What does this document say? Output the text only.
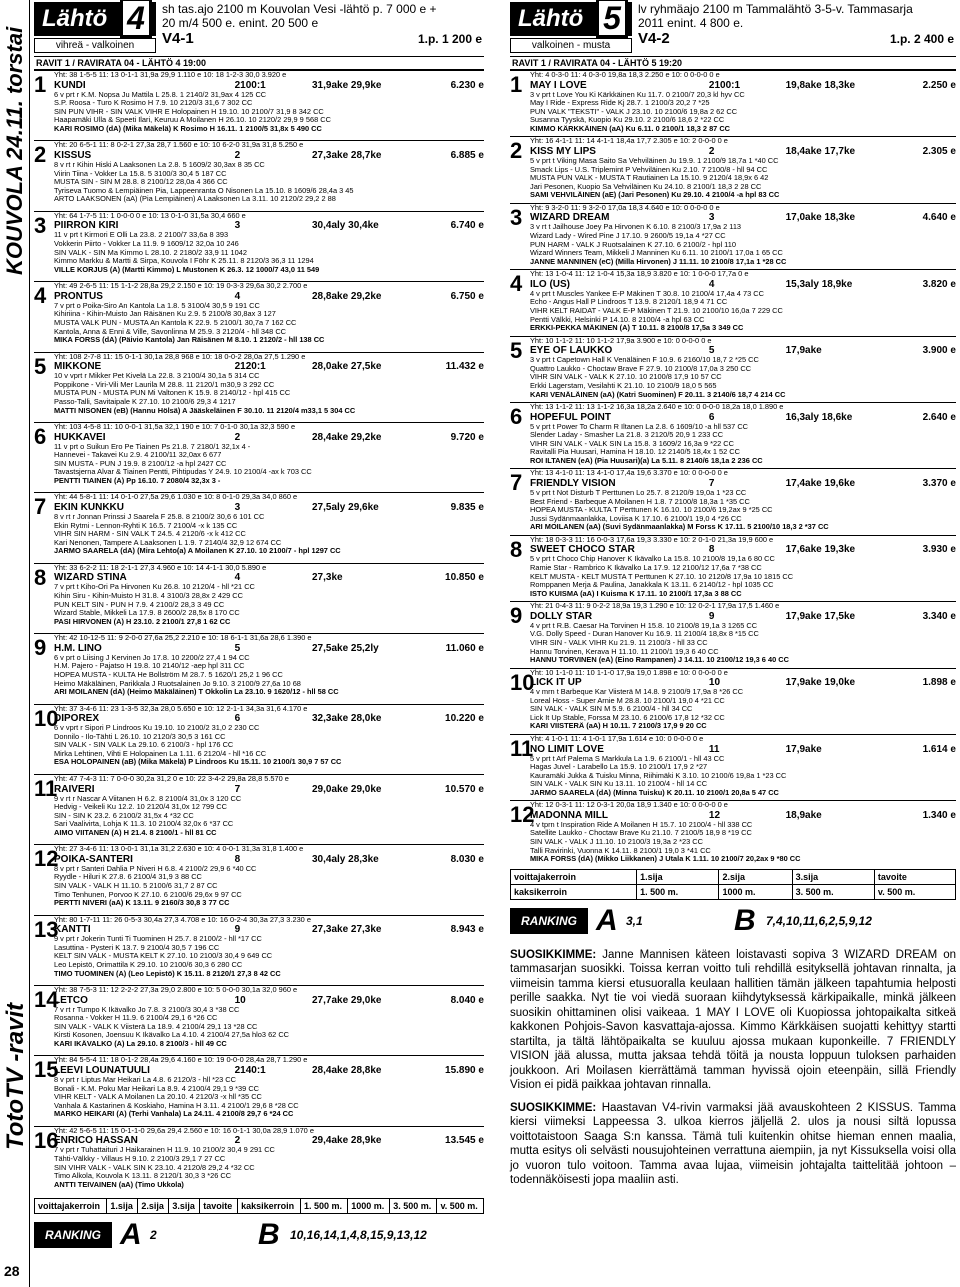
KOUVOLA 24.11. torstai
TotoTV -ravit
28
Lähtö 4
vihreä - valkoinen
sh tas.ajo 2100 m Kouvolan Vesi -lähtö p. 7 000 e +
20 m/4 500 e. enint. 20 500 e
V4-1	1.p. 1 200 e
RAVIT 1 / RAVIRATA 04 - LÄHTÖ 4 19:00
1	Yht: 38 1-5-5 11: 13 0-1-1 31,9a 29,9 1.110 e 10: 18 1-2-3 30,0 3.920 e
KUNDI	2100:1	31,9ake 29,9ke	6.230 e
6 v prt r K.M. Nopsa Ju Mattila L 25.8. 1 2140/2 31,9ax 4 125 CC
S.P. Roosa - Turo K Rosimo H 7.9. 10 2120/3 31,6 7 302 CC
SIN PUN VIHR - SIN VALK VIHR E Holopainen H 19.10. 10 2100/7 31,9 8 342 CC
Haapamäki Ulla & Speeti Ilari, Keuruu A Moilanen H 26.10. 10 2120/2 29,9 9 568 CC
KARI ROSIMO (dA) (Mika Mäkelä) K Rosimo H 16.11. 1 2100/5 31,8x 5 490 CC
2	Yht: 20 6-5-1 11: 8 0-2-1 27,3a 28,7 1.560 e 10: 10 6-2-0 31,9a 31,8 5.250 e
KISSUS	2	27,3ake 28,7ke	6.885 e
8 v rt r Kihin Hiski A Laaksonen La 2.8. 5 1609/2 30,3ax 8 35 CC
Viirin Tiina - Vokker La 15.8. 5 3100/3 30,4 5 187 CC
MUSTA SIN - SIN M 28.8. 8 2100/12 28,0a 4 366 CC
Tyriseva Tuomo & Lempiäinen Pia, Lappeenranta O Nisonen La 15.10. 8 1609/6 28,4a 3 45
ARTO LAAKSONEN (aA) (Pia Lempiäinen) A Laaksonen La 3.11. 10 2120/2 29,2 2 88
3	Yht: 64 1-7-5 11: 1 0-0-0 0 e 10: 13 0-1-0 31,5a 30,4 660 e
PIIRRON KIRI	3	30,4aly 30,4ke	6.740 e
11 v prt t Kirmori E Olli La 23.8. 2 2100/7 33,6a 8 393
Vokkerin Piirto - Vokker La 11.9. 9 1609/12 32,0a 10 246
SIN VALK - SIN Ma Kimmo L 28.10. 2 2180/2 33,9 11 1042
Kimmo Markku & Martti & Sirpa, Kouvola I Föhr K 25.11. 8 2120/3 36,3 11 1294
VILLE KORJUS (A) (Martti Kimmo) L Mustonen K 26.3. 12 1000/7 43,0 11 549
4	Yht: 49 2-6-5 11: 15 1-1-2 28,8a 29,2 2.150 e 10: 19 0-3-3 29,6a 30,2 2.700 e
PRONTUS	4	28,8ake 29,2ke	6.750 e
7 v prt o Poika-Siro An Kantola La 1.8. 5 3100/4 30,5 9 191 CC
Kihiriina - Kihin-Muisto Jan Räisänen Ku 2.9. 5 2100/8 30,8ax 3 127
MUSTA VALK PUN - MUSTA An Kantola K 22.9. 5 2100/1 30,7a 7 162 CC
Kantola, Anna & Enni & Ville, Savonlinna M 25.9. 3 2120/4 - hll 348 CC
MIKA FORSS (dA) (Päivio Kantola) Jan Räisänen M 8.10. 1 2120/2 - hll 138 CC
5	Yht: 108 2-7-8 11: 15 0-1-1 30,1a 28,8 968 e 10: 18 0-0-2 28,0a 27,5 1.290 e
MIKKONE	2120:1	28,0ake 27,5ke	11.432 e
10 v vprt r Mikker Pet Kivelä La 22.8. 3 2100/4 30,1a 5 314 CC
Poppikone - Viri-Vili Mer Laurila M 28.8. 11 2120/1 m30,9 3 292 CC
MUSTA PUN - MUSTA PUN Mi Valtonen K 15.9. 8 2140/12 - hpl 415 CC
Passo-Talli, Savitaipale K 27.10. 10 2100/6 29,3 4 1217
MATTI NISONEN (eB) (Hannu Hölsä) A Jääskeläinen F 30.10. 11 2120/4 m33,1 5 304 CC
6	Yht: 103 4-5-8 11: 10 0-0-1 31,5a 32,1 190 e 10: 7 0-1-0 30,1a 32,3 590 e
HUKKAVEI	2	28,4ake 29,2ke	9.720 e
11 v prt o Suikun Ero Pe Tiainen Ps 21.8. 7 2180/1 32,1x 4 -
Hannevei - Takavei Ku 2.9. 4 2100/11 32,0ax 6 677
SIN MUSTA - PUN J 19.9. 8 2100/12 -a hpl 2427 CC
Tavastsjerna Alvar & Tiainen Pentti, Pihtipudas Y 24.9. 10 2100/4 -ax k 703 CC
PENTTI TIAINEN (A) Pp 16.10. 7 2080/4 32,3x 3 -
7	Yht: 44 5-8-1 11: 14 0-1-0 27,5a 29,6 1.030 e 10: 8 0-1-0 29,3a 34,0 860 e
EKIN KUNKKU	3	27,5aly 29,6ke	9.835 e
8 v rt r Jonnan Prinssi J Saarela F 25.8. 8 2100/2 30,6 6 101 CC
Ekin Rytmi - Lennon-Ryhti K 16.5. 7 2100/4 -x k 135 CC
VIHR SIN HARM - SIN VALK T 24.5. 4 2120/6 -x k 412 CC
Kari Nenonen, Tampere A Laaksonen L 1.9. 7 2140/4 32,9 12 674 CC
JARMO SAARELA (dA) (Mira Lehto(a) A Moilanen K 27.10. 10 2100/7 - hpl 1297 CC
8	Yht: 33 6-2-2 11: 18 2-1-1 27,3 4.960 e 10: 14 4-1-1 30,0 5.890 e
WIZARD STINA	4	27,3ke	10.850 e
7 v prt t Kiho-Ori Pa Hirvonen Ku 26.8. 10 2120/4 - hll *21 CC
Kihin Siru - Kihin-Muisto H 31.8. 4 3100/3 28,8x 2 429 CC
PUN KELT SIN - PUN H 7.9. 4 2100/2 28,3 3 49 CC
Wizard Stable, Mikkeli La 17.9. 8 2600/2 28,5x 8 170 CC
PASI HIRVONEN (A) H 23.10. 2 2100/1 27,8 1 62 CC
9	Yht: 42 10-12-5 11: 9 2-0-0 27,6a 25,2 2.210 e 10: 18 6-1-1 31,6a 28,6 1.390 e
H.M. LINO	5	27,5ake 25,2ly	11.060 e
6 v prt o Liising J Kervinen Jo 17.8. 10 2200/2 27,4 1 94 CC
H.M. Pajero - Pajatso H 19.8. 10 2140/12 -aep hpl 311 CC
HOPEA MUSTA - KULTA He Bollström M 28.7. 5 1620/1 25,2 1 96 CC
Heimo Mäkäläinen, Parikkala J Ruotsalainen Jo 9.10. 3 2100/9 27,6a 10 68
ARI MOILANEN (dA) (Heimo Mäkäläinen) T Okkolin La 23.10. 9 1620/12 - hll 58 CC
10
Yht: 37 3-4-6 11: 23 1-3-5 32,3a 28,0 5.650 e 10: 12 2-1-1 34,3a 31,6 4.170 e
DIPOREX	6	32,3ake 28,0ke	10.220 e
6 v vprt r Sipori P Lindroos Ku 19.10. 10 2100/2 31,0 2 230 CC
Donnilo - Ilo-Tähti L 26.10. 10 2120/3 30,5 3 161 CC
SIN VALK - SIN VALK La 29.10. 6 2100/3 - hpl 176 CC
Mirka Lehtinen, Vihti E Holopainen La 1.11. 6 2120/4 - hll *16 CC
ESA HOLOPAINEN (aB) (Mika Mäkelä) P Lindroos Ku 15.11. 10 2100/1 30,9 7 57 CC
11
Yht: 47 7-4-3 11: 7 0-0-0 30,2a 31,2 0 e 10: 22 3-4-2 29,8a 28,8 5.570 e
RAIVERI	7	29,0ake 29,0ke	10.570 e
9 v rt r Nascar A Viitanen H 6.2. 8 2100/4 31,0x 3 120 CC
Hedvig - Veikeli Ku 12.2. 10 2120/4 31,0x 12 799 CC
SIN - SIN K 23.2. 6 2100/2 31,5x 4 *32 CC
Sari Vaalivirta, Lohja K 11.3. 10 2100/4 32,0x 6 *37 CC
AIMO VIITANEN (A) H 21.4. 8 2100/1 - hll 81 CC
12
Yht: 27 3-4-6 11: 13 0-0-1 31,1a 31,2 2.630 e 10: 4 0-0-1 31,3a 31,8 1.400 e
POIKA-SANTERI	8	30,4aly 28,3ke	8.030 e
8 v prt r Santeri Dahlia P Niveri H 6.8. 4 2100/2 29,9 6 *40 CC
Ryydle - Hiluri K 27.8. 6 2100/4 31,9 3 88 CC
SIN VALK - VALK H 11.10. 5 2100/6 31,7 2 87 CC
Timo Tenhunen, Porvoo K 27.10. 6 2100/6 29,6x 9 97 CC
PERTTI NIVERI (aA) K 13.11. 9 2160/3 30,8 3 77 CC
13
Yht: 80 1-7-11 11: 26 0-5-3 30,4a 27,3 4.708 e 10: 16 0-2-4 30,3a 27,3 3.230 e
KANTTI	9	27,3ake 27,3ke	8.943 e
9 v prt r Jokerin Tunti Ti Tuominen H 25.7. 8 2100/2 - hll *17 CC
Lasuttina - Pysteri K 13.7. 9 2100/4 30,5 7 196 CC
KELT SIN VALK - MUSTA KELT K 27.10. 10 2100/3 30,4 9 649 CC
Leo Lepistö, Orimattila K 29.10. 10 2100/6 30,3 6 280 CC
TIMO TUOMINEN (A) (Leo Lepistö) K 15.11. 8 2120/1 27,3 8 42 CC
14
Yht: 38 7-5-3 11: 12 2-2-2 27,3a 29,0 2.800 e 10: 5 0-0-0 30,1a 32,0 960 e
LETCO	10	27,7ake 29,0ke	8.040 e
7 v rt r Tumpo K Ikävalko Jo 7.8. 3 2100/3 30,4 3 *38 CC
Rosanna - Vokker H 11.9. 6 2100/4 29,1 6 *26 CC
SIN VALK - VALK K Viisterä La 18.9. 4 2100/4 29,1 13 *28 CC
Kirsti Kosonen, Joensuu K Ikävalko La 4.10. 4 2100/4 27,5a hlo3 62 CC
KARI IKÄVALKO (A) La 29.10. 8 2100/3 - hll 49 CC
15
Yht: 84 5-5-4 11: 18 0-1-2 28,4a 29,6 4.160 e 10: 19 0-0-0 28,4a 28,7 1.290 e
LEEVI LOUNATUULI	2140:1	28,4ake 28,8ke	15.890 e
8 v prt r Liptus Mar Heikari La 4.8. 6 2120/3 - hll *23 CC
Bonali - K.M. Poku Mar Heikari La 8.9. 4 2100/4 29,1 9 *39 CC
VIHR KELT - VALK A Moilanen La 20.10. 4 2120/3 -x hll *35 CC
Vanhala & Kastarinen & Koskiaho, Hamina H 3.11. 4 2100/1 29,6 8 *28 CC
MARKO HEIKARI (A) (Terhi Vanhala) La 24.11. 4 2100/8 29,7 6 *24 CC
16
Yht: 42 5-6-5 11: 15 0-1-1-0 29,6a 29,4 2.560 e 10: 16 0-1-1 30,0a 28,9 1.070 e
ENRICO HASSAN	2	29,4ake 28,9ke	13.545 e
7 v prt r Tuhattaituri J Haikarainen H 11.9. 10 2100/2 30,4 9 291 CC
Tähti-Välkky - Villaus H 9.10. 2 2100/3 29,1 7 27 CC
SIN VIHR VALK - VALK SIN K 23.10. 4 2120/8 29,2 4 *32 CC
Timo Alkola, Kouvola K 13.11. 8 2120/1 30,3 3 *26 CC
ANTTI TEIVAINEN (aA) (Timo Ukkola)
voittajakerroin	1.sija	2.sija	3.sija	tavoite	kaksikerroin	1. 500 m.	1000 m.	3. 500 m.	v. 500 m.
RANKING A 2	B 10,16,14,1,4,8,15,9,13,12
Lähtö 5
valkoinen - musta
lv ryhmäajo 2100 m Tammalähtö 3-5-v. Tammasarja
2011 enint. 4 800 e.
V4-2	1.p. 2 400 e
RAVIT 1 / RAVIRATA 04 - LÄHTÖ 5 19:20
1	Yht: 4 0-3-0 11: 4 0-3-0 19,8a 18,3 2.250 e 10: 0 0-0-0 0 e
MAY I LOVE	2100:1	19,8ake 18,3ke	2.250 e
3 v prt t Love You Ki Kärkkäinen Ku 11.7. 0 2100/7 20,3 kl hyv CC
May I Ride - Express Ride Kj 28.7. 1 2100/3 20,2 7 *25
PUN VALK "TEKSTI" - VALK J 23.10. 10 2100/6 19,8a 2 62 CC
Susanna Tyyskä, Kuopio Ku 29.10. 2 2100/6 18,6 2 *22 CC
KIMMO KÄRKKÄINEN (aA) Ku 6.11. 0 2100/1 18,3 2 87 CC
2	Yht: 16 4-1-1 11: 14 4-1-1 18,4a 17,7 2.305 e 10: 2 0-0-0 0 e
KISS MY LIPS	2	18,4ake 17,7ke	2.305 e
5 v prt t Viking Masa Saito Sa Vehviläinen Ju 19.9. 1 2100/9 18,7a 1 *40 CC
Smack Lips - U.S. Triplemint P Vehviläinen Ku 2.10. 7 2100/8 - hll 94 CC
MUSTA PUN VALK - MUSTA T Rautiainen La 15.10. 9 2120/4 18,9x 6 42
Jari Pesonen, Kuopio Sa Vehviläinen Ku 24.10. 8 2100/1 18,3 2 28 CC
SAMI VEHVILÄINEN (aE) (Jari Pesonen) Ku 29.10. 4 2100/4 -a hpl 83 CC
3	Yht: 9 3-2-0 11: 9 3-2-0 17,0a 18,3 4.640 e 10: 0 0-0-0 0 e
WIZARD DREAM	3	17,0ake 18,3ke	4.640 e
3 v rt t Jailhouse Joey Pa Hirvonen K 6.10. 8 2100/3 17,9a 2 113
Wizard Lady - Wired Pine J 17.10. 9 2600/5 19,1a 4 *27 CC
PUN HARM - VALK J Ruotsalainen K 27.10. 6 2100/2 - hpl 110
Wizard Winners Team, Mikkeli J Manninen Ku 6.11. 10 2100/1 17,0a 1 65 CC
JANNE MANNINEN (eC) (Milla Hirvonen) J 11.11. 10 2100/8 17,1a 1 *28 CC
4	Yht: 13 1-0-4 11: 12 1-0-4 15,3a 18,9 3.820 e 10: 1 0-0-0 17,7a 0 e
ILO (US)	4	15,3aly 18,9ke	3.820 e
4 v prt t Muscles Yankee E-P Mäkinen T 30.8. 10 2100/4 17,4a 4 73 CC
Echo - Angus Hall P Lindroos T 13.9. 8 2120/1 18,9 4 71 CC
VIHR KELT RAIDAT - VALK E-P Mäkinen T 21.9. 10 2100/10 16,0a 7 229 CC
Pentti Välkki, Helsinki P 14.10. 8 2100/4 -a hpl 63 CC
ERKKI-PEKKA MÄKINEN (A) T 10.11. 8 2100/8 17,5a 3 349 CC
5	Yht: 10 1-1-2 11: 10 1-1-2 17,9a 3.900 e 10: 0 0-0-0 0 e
EYE OF LAUKKO	5	17,9ake	3.900 e
3 v prt t Capetown Hall K Venäläinen F 10.9. 6 2160/10 18,7 2 *25 CC
Quattro Laukko - Choctaw Brave F 27.9. 10 2100/8 17,0a 3 250 CC
VIHR SIN VALK - VALK K 27.10. 10 2100/8 17,9 10 57 CC
Erkki Lagerstam, Vesilahti K 21.10. 10 2100/9 18,0 5 565
KARI VENÄLÄINEN (aA) (Katri Suominen) F 20.11. 3 2140/6 18,7 4 214 CC
6	Yht: 13 1-1-2 11: 13 1-1-2 16,3a 18,2a 2.640 e 10: 0 0-0-0 18,2a 18,0 1.890 e
HOPEFUL POINT	6	16,3aly 18,6ke	2.640 e
5 v prt t Power To Charm R Iltanen La 2.8. 6 1609/10 -a hll 537 CC
Slender Laday - Smasher La 21.8. 3 2120/5 20,9 1 233 CC
VIHR SIN VALK - VALK SIN La 15.8. 3 1609/2 16,3a 9 *22 CC
Ravitalli Pia Huusari, Hamina H 18.10. 12 2140/5 18,4x 1 52 CC
ROI ILTANEN (eA) (Pia Huusari)(a) La 5.11. 8 2140/6 18,1a 2 236 CC
7	Yht: 13 4-1-0 11: 13 4-1-0 17,4a 19,6 3.370 e 10: 0 0-0-0 0 e
FRIENDLY VISION	7	17,4ake 19,6ke	3.370 e
5 v prt t Not Disturb T Perttunen Lo 25.7. 8 2120/9 19,0a 1 *23 CC
Best Friend - Barbeque A Moilanen H 1.8. 7 2100/8 18,3a 1 *35 CC
HOPEA MUSTA - KULTA T Perttunen K 16.10. 10 2100/6 19,2ax 9 *25 CC
Jussi Sydänmaanlakka, Loviisa K 17.10. 6 2100/1 19,0 4 *26 CC
ARI MOILANEN (aA) (Suvi Sydänmaanlakka) M Forss K 17.11. 5 2100/10 18,3 2 *37 CC
8	Yht: 18 0-3-3 11: 16 0-0-3 17,6a 19,3 3.330 e 10: 2 0-1-0 21,3a 19,9 600 e
SWEET CHOCO STAR	8	17,6ake 19,3ke	3.930 e
5 v prt t Choco Chip Hanover K Ikävalko La 15.8. 10 2100/8 19,1a 6 80 CC
Ramie Star - Rambrico K Ikävalko La 17.9. 12 2100/12 17,6a 7 *38 CC
KELT MUSTA - KELT MUSTA T Perttunen K 27.10. 10 2120/8 17,9a 10 1815 CC
Romppanen Merja & Paulina, Janakkala K 13.11. 6 2140/12 - hpl 1035 CC
ISTO KUISMA (aA) I Kuisma K 17.11. 10 2100/1 17,3a 3 88 CC
9	Yht: 21 0-4-3 11: 9 0-2-2 18,9a 19,3 1.290 e 10: 12 0-2-1 17,9a 17,5 1.460 e
DOLLY STAR	9	17,9ake 17,5ke	3.340 e
4 v prt t R.B. Caesar Ha Torvinen H 15.8. 10 2100/8 19,1a 3 1265 CC
V.G. Dolly Speed - Duran Hanover Ku 16.9. 11 2100/4 18,8x 8 *15 CC
VIHR SIN - VALK VIHR Ku 21.9. 11 2100/3 - hll 33 CC
Hannu Torvinen, Kerava H 11.10. 11 2100/1 19,3 6 40 CC
HANNU TORVINEN (eA) (Eino Rampanen) J 14.11. 10 2100/12 19,3 6 40 CC
10
Yht: 10 1-1-0 11: 10 1-1-0 17,9a 19,0 1.898 e 10: 0 0-0-0 0 e
LICK IT UP	10	17,9ake 19,0ke	1.898 e
4 v mrn t Barbeque Kar Viisterä M 14.8. 9 2100/9 17,9a 8 *26 CC
Loreal Hoss - Super Arnie M 28.8. 10 2100/1 19,0 4 *21 CC
SIN VALK - VALK SIN M 5.9. 6 2100/4 - hll 34 CC
Lick It Up Stable, Forssa M 23.10. 6 2100/6 17,8 12 *32 CC
KARI VIISTERÄ (aA) H 10.11. 7 2100/3 17,9 9 20 CC
11
Yht: 4 1-0-1 11: 4 1-0-1 17,9a 1.614 e 10: 0 0-0-0 0 e
NO LIMIT LOVE	11	17,9ake	1.614 e
5 v prt t Arf Palema S Markkula La 1.9. 6 2100/1 - hll 43 CC
Hagas Juvel - Larabello La 15.9. 10 2100/1 17,9 2 *27
Kauramäki Jukka & Tuisku Minna, Riihimäki K 3.10. 10 2100/6 19,8a 1 *23 CC
SIN VALK - VALK SIN Ku 13.11. 10 2100/4 - hll 14 CC
JARMO SAARELA (dA) (Minna Tuisku) K 20.11. 10 2100/1 20,8a 5 47 CC
12
Yht: 12 0-3-1 11: 12 0-3-1 20,0a 18,9 1.340 e 10: 0 0-0-0 0 e
MADONNA MILL	12	18,9ake	1.340 e
4 v tprn t Inspiration Ride A Moilanen H 15.7. 10 2100/4 - hll 338 CC
Satellite Laukko - Choctaw Brave Ku 21.10. 7 2100/5 18,9 8 *19 CC
SIN VALK - VALK J 11.10. 10 2100/3 19,3a 2 *23 CC
Talli Ravirinki, Vuonna K 14.11. 8 2100/1 19,0 3 *41 CC
MIKA FORSS (dA) (Mikko Liikkanen) J Utala K 1.11. 10 2100/7 20,2ax 9 *80 CC
voittajakerroin	1.sija	2.sija	3.sija	tavoite
kaksikerroin	1. 500 m.	1000 m.	3. 500 m.	v. 500 m.
RANKING A 3,1	B 7,4,10,11,6,2,5,9,12

SUOSIKKIMME: Janne Mannisen käteen loistavasti sopiva 3 WIZARD DREAM on tammasarjan suosikki. Toissa kerran voitto tuli rehdillä esityksellä johtavan rinnalta, ja viimeisin tamma kiersi etusuoralla keulaan hallitien tämän jälkeen tapahtumia helposti perille saakka. Nyt tie voi viedä suoraan kiihdytyksessä kärkipaikalle, minkä jälkeen suosikin ohittaminen olisi vaikeaa. 1 MAY I LOVE oli Kuopiossa johtopaikalta sitkeä kakkonen Pohjois-Savon kasvattaja-ajossa. Kimmo Kärkkäisen suojatti kehittyy startti startilta, ja tältä lähtöpaikalta se kuuluu ajossa mukaan kuponkeille. 7 FRIENDLY VISION jää alussa, mutta jaksaa tehdä töitä ja nousta loppuun tuloksen parhaiden joukkoon. Ari Moilasen kierrättämä tamman hyvissä ojoin eteenpäin, sillä Friendly Vision ei pidä paikkaa johtavan rinnalla.

SUOSIKKIMME: Haastavan V4-rivin varmaksi jää avauskohteen 2 KISSUS. Tamma kiersi viimeksi Lappeessa 3. ulkoa kierros jäljellä 2. ulos ja nousi siltä lopussa voittotaistoon Saaga S:n kanssa. Tämä tuli kuitenkin ohitse hieman ennen maalia, mutta esitys oli selvästi nousujohteinen verrattuna aiempiin, ja nyt Kissuksella voisi olla jo vuoron tulo voitoon. Tamma avaa lujaa, viimeisin johtajalta taittelitää johtoon – todennäköisesti jopa maaliin asti.
